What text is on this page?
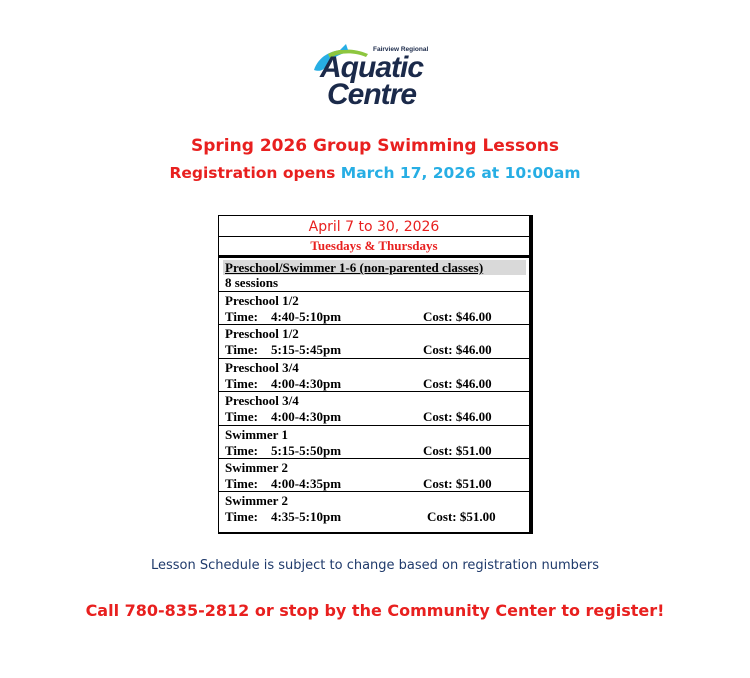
Fairview Regional
Aquatic
Centre
Spring 2026 Group Swimming Lessons

Registration opens March 17, 2026 at 10:00am

April 7 to 30, 2026
Tuesdays & Thursdays
Preschool/Swimmer 1-6 (non-parented classes)
8 sessions
Preschool 1/2
Time:    4:40-5:10pm	Cost: $46.00
Preschool 1/2
Time:    5:15-5:45pm	Cost: $46.00
Preschool 3/4
Time:    4:00-4:30pm	Cost: $46.00
Preschool 3/4
Time:    4:00-4:30pm	Cost: $46.00
Swimmer 1
Time:    5:15-5:50pm	Cost: $51.00
Swimmer 2
Time:    4:00-4:35pm	Cost: $51.00
Swimmer 2
Time:    4:35-5:10pm	Cost: $51.00

Lesson Schedule is subject to change based on registration numbers

Call 780-835-2812 or stop by the Community Center to register!
